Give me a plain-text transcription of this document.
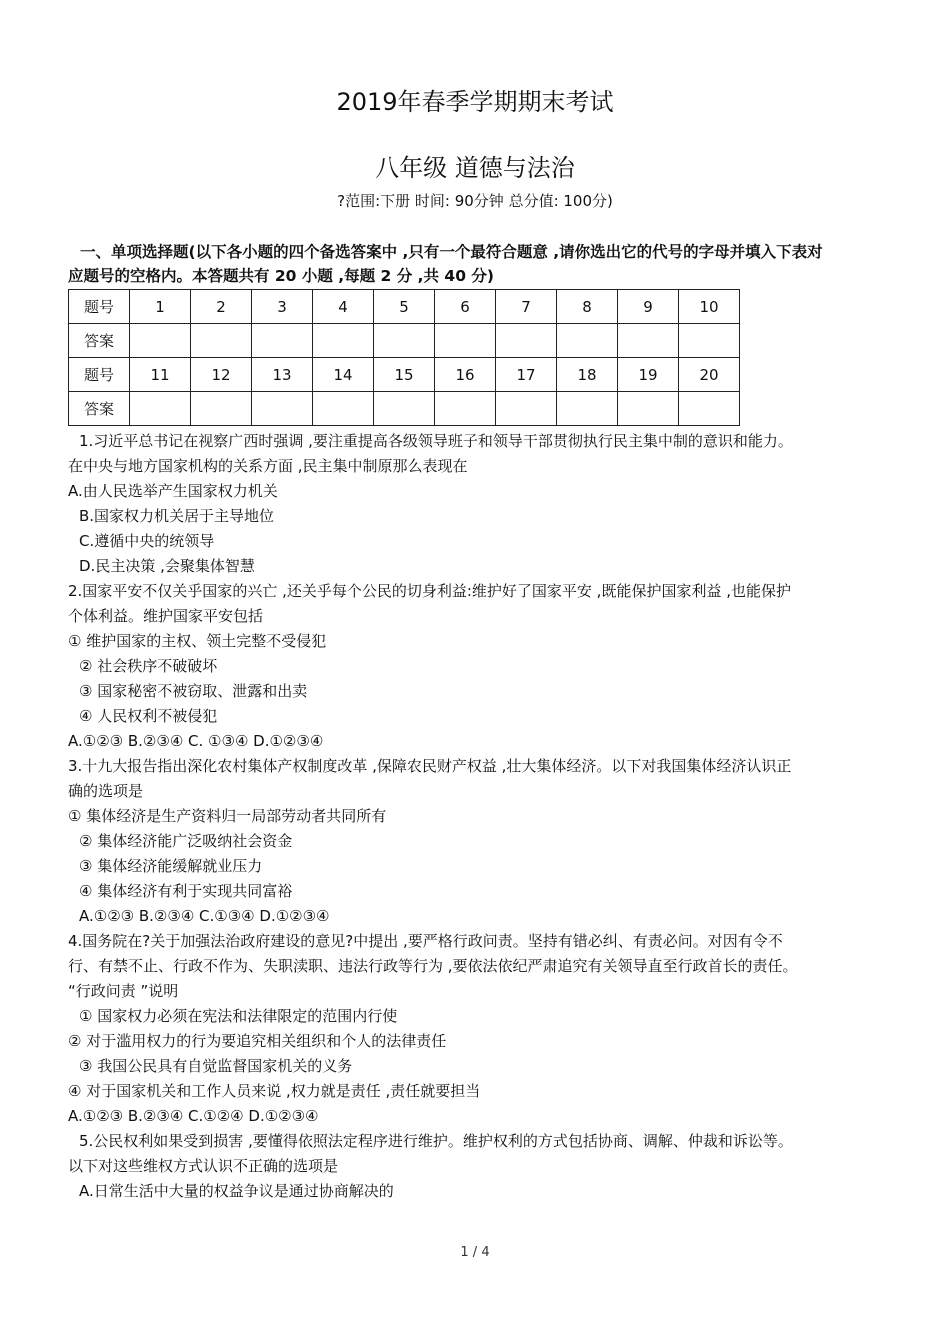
2019年春季学期期末考试
八年级 道德与法治
?范围:下册 时间: 90分钟 总分值: 100分)
一、单项选择题(以下各小题的四个备选答案中 ,只有一个最符合题意 ,请你选出它的代号的字母并填入下表对
应题号的空格内。本答题共有 20 小题 ,每题 2 分 ,共 40 分)
题号	1	2	3	4	5	6	7	8	9	10
答案										
题号	11	12	13	14	15	16	17	18	19	20
答案										
1.习近平总书记在视察广西时强调 ,要注重提高各级领导班子和领导干部贯彻执行民主集中制的意识和能力。
在中央与地方国家机构的关系方面 ,民主集中制原那么表现在
A.由人民选举产生国家权力机关
B.国家权力机关居于主导地位
C.遵循中央的统领导
D.民主决策 ,会聚集体智慧
2.国家平安不仅关乎国家的兴亡 ,还关乎每个公民的切身利益:维护好了国家平安 ,既能保护国家利益 ,也能保护
个体利益。维护国家平安包括
① 维护国家的主权、领土完整不受侵犯
② 社会秩序不破破坏
③ 国家秘密不被窃取、泄露和出卖
④ 人民权利不被侵犯
A.①②③ B.②③④ C. ①③④ D.①②③④
3.十九大报告指出深化农村集体产权制度改革 ,保障农民财产权益 ,壮大集体经济。以下对我国集体经济认识正
确的选项是
① 集体经济是生产资料归一局部劳动者共同所有
② 集体经济能广泛吸纳社会资金
③ 集体经济能缓解就业压力
④ 集体经济有利于实现共同富裕
A.①②③ B.②③④ C.①③④ D.①②③④
4.国务院在?关于加强法治政府建设的意见?中提出 ,要严格行政问责。坚持有错必纠、有责必问。对因有令不
行、有禁不止、行政不作为、失职渎职、违法行政等行为 ,要依法依纪严肃追究有关领导直至行政首长的责任。
“行政问责 ”说明
① 国家权力必须在宪法和法律限定的范围内行使
② 对于滥用权力的行为要追究相关组织和个人的法律责任
③ 我国公民具有自觉监督国家机关的义务
④ 对于国家机关和工作人员来说 ,权力就是责任 ,责任就要担当
A.①②③ B.②③④ C.①②④ D.①②③④
5.公民权利如果受到损害 ,要懂得依照法定程序进行维护。维护权利的方式包括协商、调解、仲裁和诉讼等。
以下对这些维权方式认识不正确的选项是
A.日常生活中大量的权益争议是通过协商解决的
1 / 4
